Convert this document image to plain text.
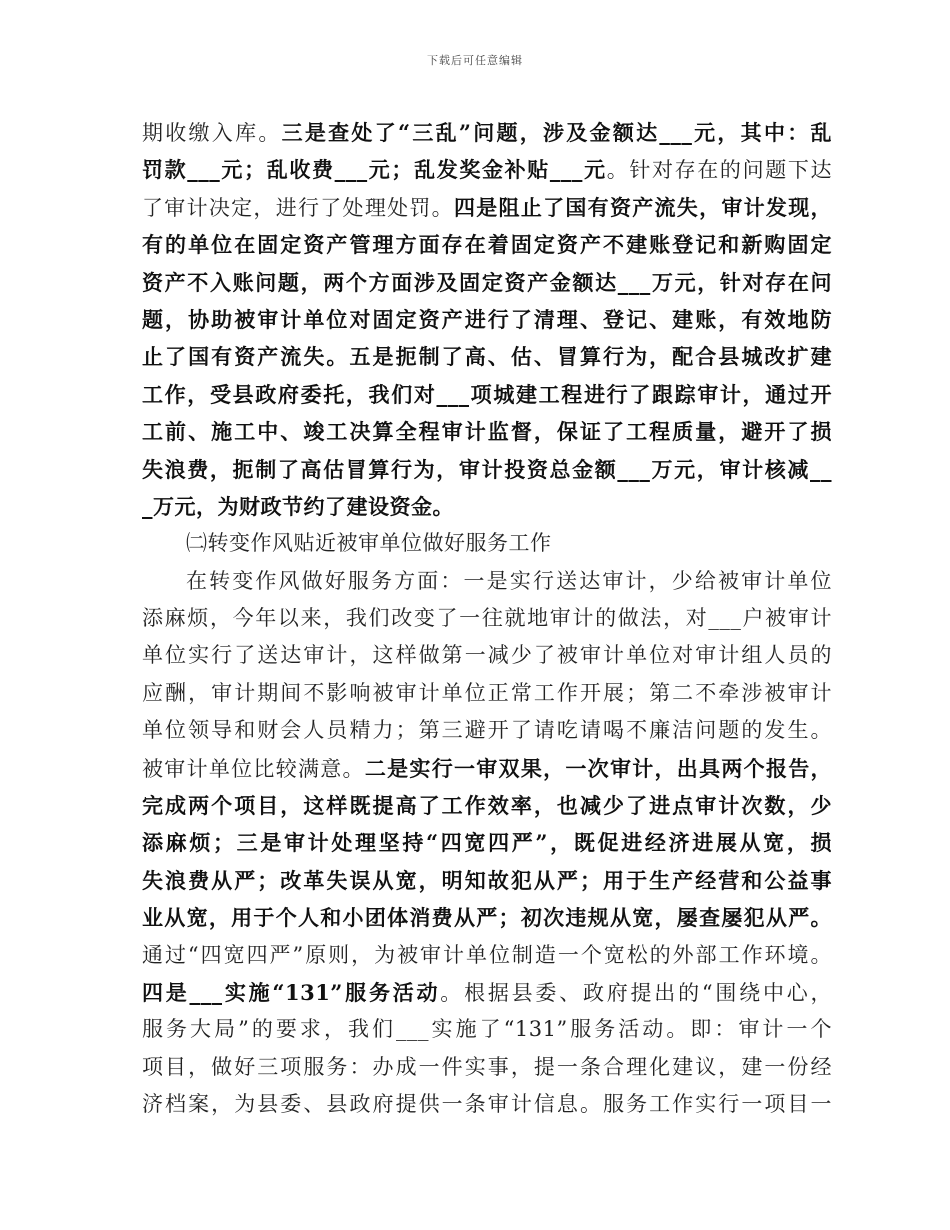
下载后可任意编辑
期收缴入库。三是查处了“三乱”问题，涉及金额达___元，其中：乱
罚款___元；乱收费___元；乱发奖金补贴___元。针对存在的问题下达
了审计决定，进行了处理处罚。四是阻止了国有资产流失，审计发现，
有的单位在固定资产管理方面存在着固定资产不建账登记和新购固定
资产不入账问题，两个方面涉及固定资产金额达___万元，针对存在问
题，协助被审计单位对固定资产进行了清理、登记、建账，有效地防
止了国有资产流失。五是扼制了高、估、冒算行为，配合县城改扩建
工作，受县政府委托，我们对___项城建工程进行了跟踪审计，通过开
工前、施工中、竣工决算全程审计监督，保证了工程质量，避开了损
失浪费，扼制了高估冒算行为，审计投资总金额___万元，审计核减__
_万元，为财政节约了建设资金。
㈡转变作风贴近被审单位做好服务工作
在转变作风做好服务方面：一是实行送达审计，少给被审计单位
添麻烦，今年以来，我们改变了一往就地审计的做法，对___户被审计
单位实行了送达审计，这样做第一减少了被审计单位对审计组人员的
应酬，审计期间不影响被审计单位正常工作开展；第二不牵涉被审计
单位领导和财会人员精力；第三避开了请吃请喝不廉洁问题的发生。
被审计单位比较满意。二是实行一审双果，一次审计，出具两个报告，
完成两个项目，这样既提高了工作效率，也减少了进点审计次数，少
添麻烦；三是审计处理坚持“四宽四严”，既促进经济进展从宽，损
失浪费从严；改革失误从宽，明知故犯从严；用于生产经营和公益事
业从宽，用于个人和小团体消费从严；初次违规从宽，屡查屡犯从严。
通过“四宽四严”原则，为被审计单位制造一个宽松的外部工作环境。
四是___实施“131”服务活动。根据县委、政府提出的“围绕中心，
服务大局”的要求，我们___实施了“131”服务活动。即：审计一个
项目，做好三项服务：办成一件实事，提一条合理化建议，建一份经
济档案，为县委、县政府提供一条审计信息。服务工作实行一项目一
